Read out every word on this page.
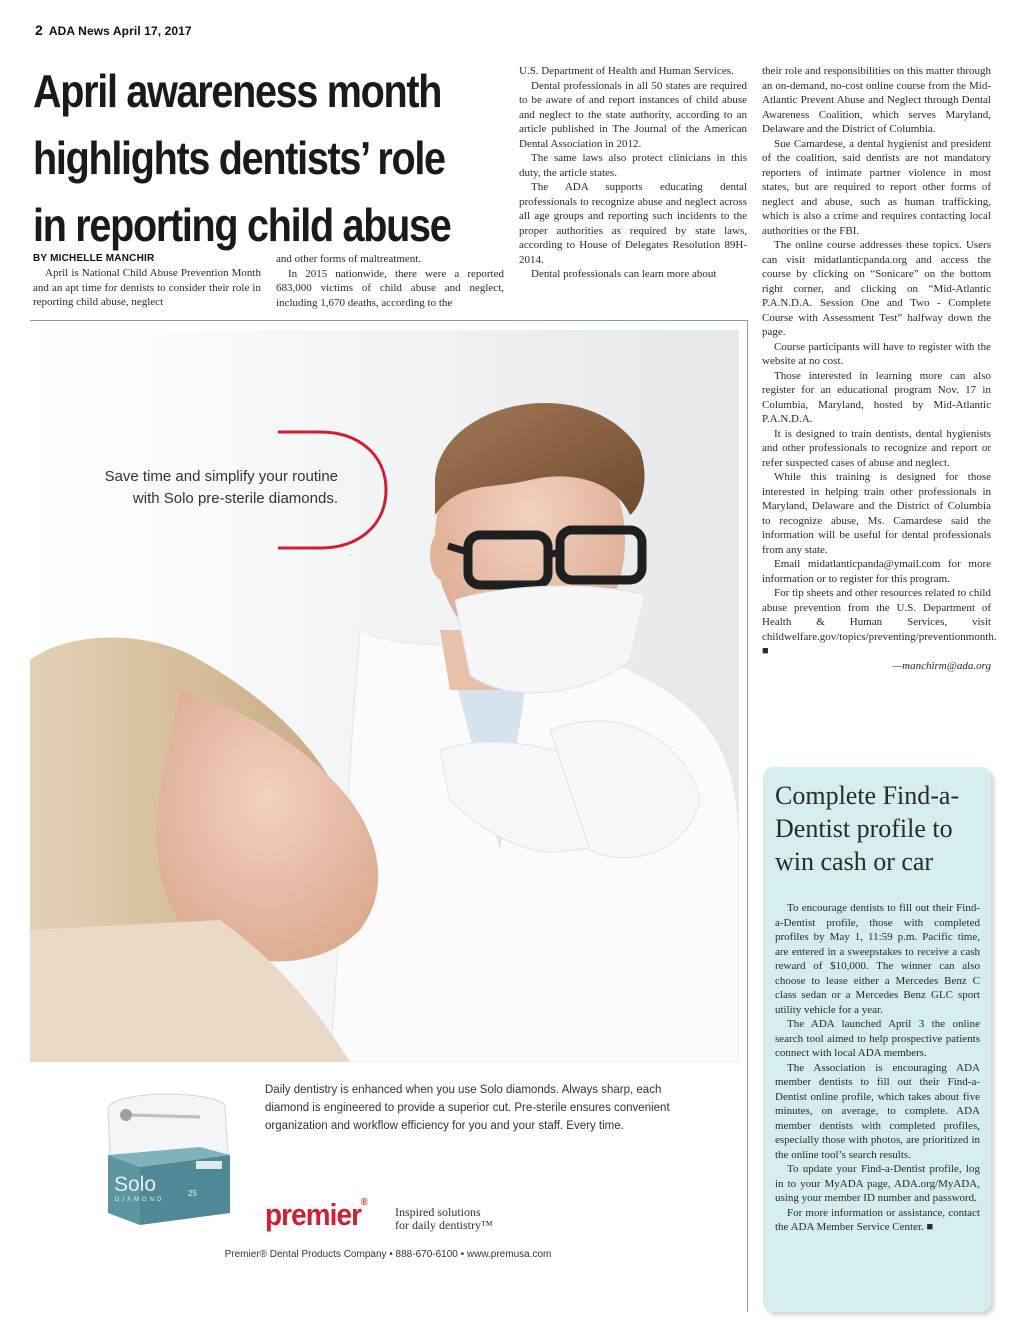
2 ADA News April 17, 2017
April awareness month
highlights dentists’ role
in reporting child abuse
BY MICHELLE MANCHIR

April is National Child Abuse Prevention Month and an apt time for dentists to consider their role in reporting child abuse, neglect

and other forms of maltreatment.

In 2015 nationwide, there were a reported 683,000 victims of child abuse and neglect, including 1,670 deaths, according to the

U.S. Department of Health and Human Services.

Dental professionals in all 50 states are required to be aware of and report instances of child abuse and neglect to the state authority, according to an article published in The Journal of the American Dental Association in 2012.

The same laws also protect clinicians in this duty, the article states.

The ADA supports educating dental professionals to recognize abuse and neglect across all age groups and reporting such incidents to the proper authorities as required by state laws, according to House of Delegates Resolution 89H-2014.

Dental professionals can learn more about

their role and responsibilities on this matter through an on-demand, no-cost online course from the Mid-Atlantic Prevent Abuse and Neglect through Dental Awareness Coalition, which serves Maryland, Delaware and the District of Columbia.

Sue Camardese, a dental hygienist and president of the coalition, said dentists are not mandatory reporters of intimate partner violence in most states, but are required to report other forms of neglect and abuse, such as human trafficking, which is also a crime and requires contacting local authorities or the FBI.

The online course addresses these topics. Users can visit midatlanticpanda.org and access the course by clicking on “Sonicare” on the bottom right corner, and clicking on “Mid-Atlantic P.A.N.D.A. Session One and Two - Complete Course with Assessment Test” halfway down the page.

Course participants will have to register with the website at no cost.

Those interested in learning more can also register for an educational program Nov. 17 in Columbia, Maryland, hosted by Mid-Atlantic P.A.N.D.A.

It is designed to train dentists, dental hygienists and other professionals to recognize and report or refer suspected cases of abuse and neglect.

While this training is designed for those interested in helping train other professionals in Maryland, Delaware and the District of Columbia to recognize abuse, Ms. Camardese said the information will be useful for dental professionals from any state.

Email midatlanticpanda@ymail.com for more information or to register for this program.

For tip sheets and other resources related to child abuse prevention from the U.S. Department of Health & Human Services, visit childwelfare.gov/topics/preventing/preventionmonth. ■

—manchirm@ada.org

Save time and simplify your routine
with Solo pre-sterile diamonds.
Solo
DIAMOND
25
Daily dentistry is enhanced when you use Solo diamonds. Always sharp, each diamond is engineered to provide a superior cut. Pre-sterile ensures convenient organization and workflow efficiency for you and your staff. Every time.
premier®
Inspired solutions
for daily dentistry™
Premier® Dental Products Company • 888-670-6100 • www.premusa.com
Complete Find-a-Dentist profile to win cash or car

To encourage dentists to fill out their Find-a-Dentist profile, those with completed profiles by May 1, 11:59 p.m. Pacific time, are entered in a sweepstakes to receive a cash reward of $10,000. The winner can also choose to lease either a Mercedes Benz C class sedan or a Mercedes Benz GLC sport utility vehicle for a year.

The ADA launched April 3 the online search tool aimed to help prospective patients connect with local ADA members.

The Association is encouraging ADA member dentists to fill out their Find-a-Dentist online profile, which takes about five minutes, on average, to complete. ADA member dentists with completed profiles, especially those with photos, are prioritized in the online tool’s search results.

To update your Find-a-Dentist profile, log in to your MyADA page, ADA.org/MyADA, using your member ID number and password.

For more information or assistance, contact the ADA Member Service Center. ■
